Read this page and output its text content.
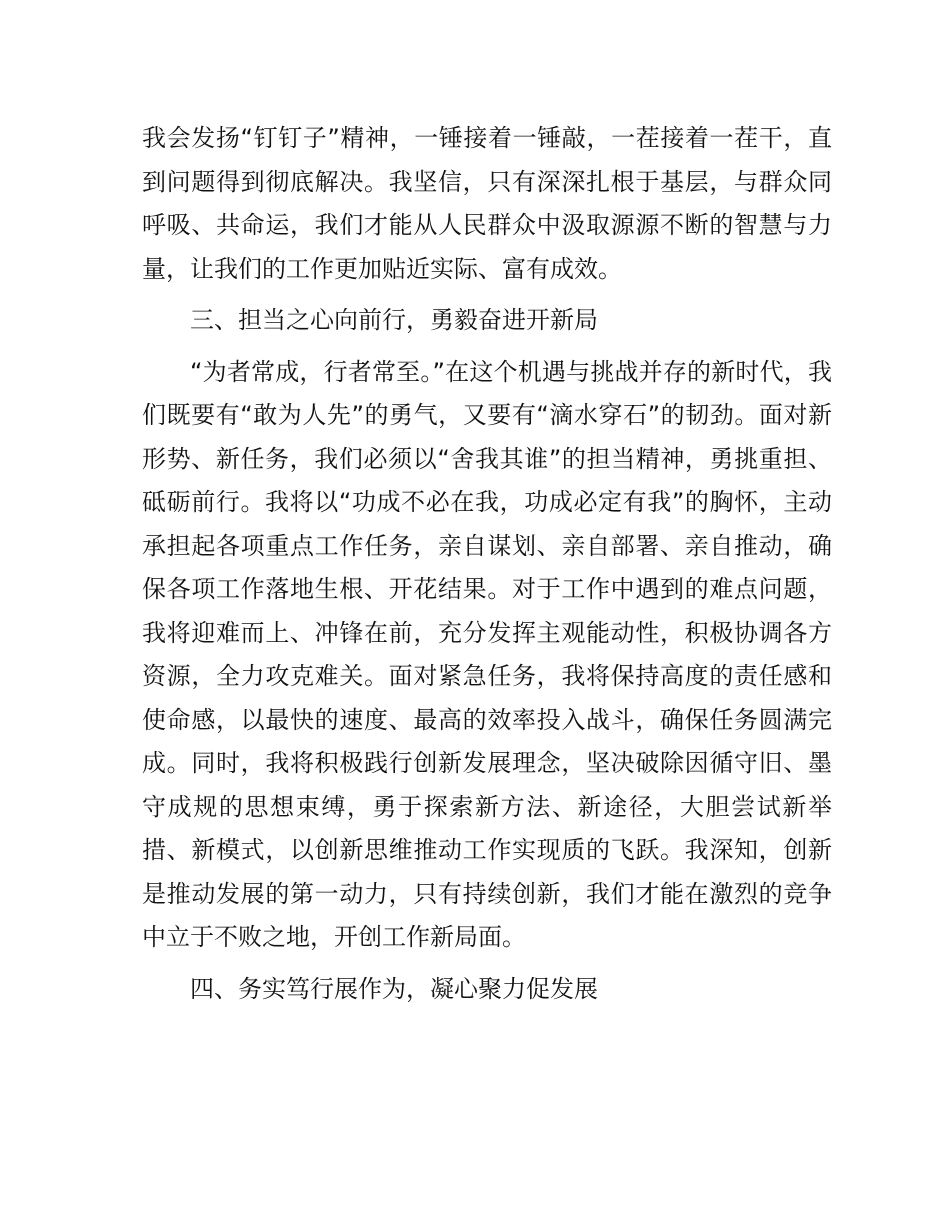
我会发扬“钉钉子”精神，一锤接着一锤敲，一茬接着一茬干，直到问题得到彻底解决。我坚信，只有深深扎根于基层，与群众同呼吸、共命运，我们才能从人民群众中汲取源源不断的智慧与力量，让我们的工作更加贴近实际、富有成效。

三、担当之心向前行，勇毅奋进开新局

“为者常成，行者常至。”在这个机遇与挑战并存的新时代，我们既要有“敢为人先”的勇气，又要有“滴水穿石”的韧劲。面对新形势、新任务，我们必须以“舍我其谁”的担当精神，勇挑重担、砥砺前行。我将以“功成不必在我，功成必定有我”的胸怀，主动承担起各项重点工作任务，亲自谋划、亲自部署、亲自推动，确保各项工作落地生根、开花结果。对于工作中遇到的难点问题，我将迎难而上、冲锋在前，充分发挥主观能动性，积极协调各方资源，全力攻克难关。面对紧急任务，我将保持高度的责任感和使命感，以最快的速度、最高的效率投入战斗，确保任务圆满完成。同时，我将积极践行创新发展理念，坚决破除因循守旧、墨守成规的思想束缚，勇于探索新方法、新途径，大胆尝试新举措、新模式，以创新思维推动工作实现质的飞跃。我深知，创新是推动发展的第一动力，只有持续创新，我们才能在激烈的竞争中立于不败之地，开创工作新局面。

四、务实笃行展作为，凝心聚力促发展
